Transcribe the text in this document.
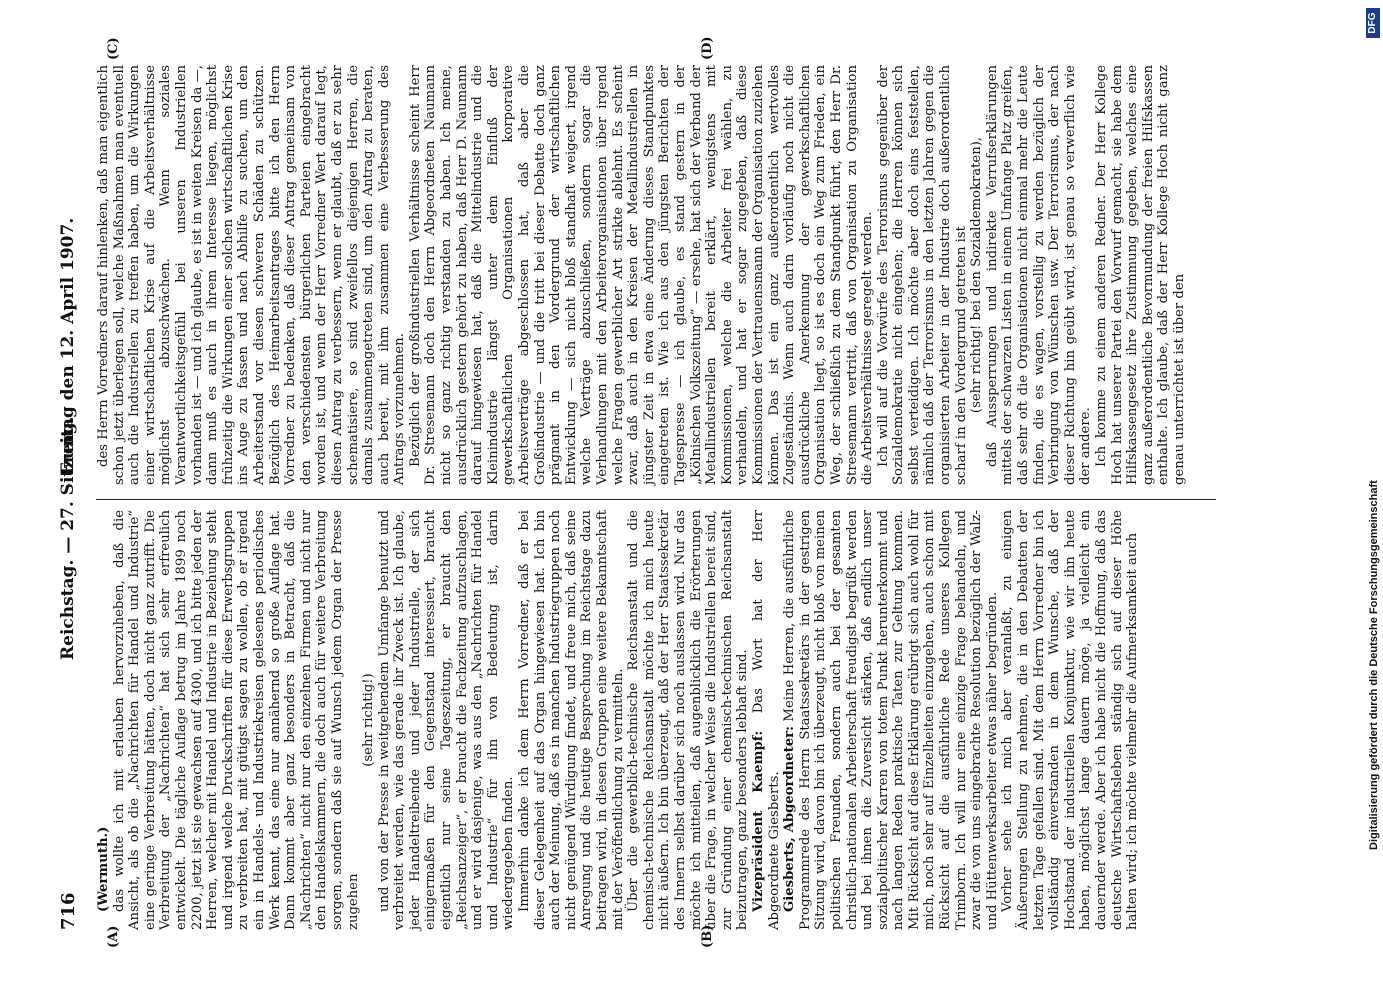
716
Reichstag. — 27. Sitzung.
Freitag den 12. April 1907.
(A)	(B)
(C)	(D)

(Wermuth.) das wollte ich mit erlauben hervorzuheben, daß die Ansicht, als ob die „Nachrichten für Handel und Industrie“ eine geringe Verbreitung hätten, doch nicht ganz zutrifft. Die Verbreitung der „Nachrichten“ hat sich sehr erfreulich entwickelt. Die tägliche Auflage betrug im Jahre 1899 noch 2200, jetzt ist sie gewachsen auf 4300, und ich bitte jeden der Herren, welcher mit Handel und Industrie in Beziehung steht und irgend welche Druckschriften für diese Erwerbsgruppen zu verbreiten hat, mit gütigst sagen zu wollen, ob er irgend ein in Handels- und Industriekreisen gelesenes periodisches Werk kennt, das eine nur annähernd so große Auflage hat. Dann kommt aber ganz besonders in Betracht, daß die „Nachrichten“ nicht nur den einzelnen Firmen und nicht nur den Handelskammern, die doch auch für weitere Verbreitung sorgen, sondern daß sie auf Wunsch jedem Organ der Presse zugehen

(sehr richtig!) und von der Presse in weitgehendem Umfange benutzt und verbreitet werden, wie das gerade ihr Zweck ist. Ich glaube, jeder Handeltreibende und jeder Industrielle, der sich einigermaßen für den Gegenstand interessiert, braucht eigentlich nur seine Tageszeitung, er braucht den „Reichsanzeiger“, er braucht die Fachzeitung aufzuschlagen, und er wird dasjenige, was aus den „Nachrichten für Handel und Industrie“ für ihn von Bedeutung ist, darin wiedergegeben finden. Immerhin danke ich dem Herrn Vorredner, daß er bei dieser Gelegenheit auf das Organ hingewiesen hat. Ich bin auch der Meinung, daß es in manchen Industriegruppen noch nicht genügend Würdigung findet, und freue mich, daß seine Anregung und die heutige Besprechung im Reichstage dazu beitragen wird, in diesen Gruppen eine weitere Bekanntschaft mit der Veröffentlichung zu vermitteln. Über die gewerblich-technische Reichsanstalt und die chemisch-technische Reichsanstalt möchte ich mich heute nicht äußern. Ich bin überzeugt, daß der Herr Staatssekretär des Innern selbst darüber sich noch auslassen wird. Nur das möchte ich mitteilen, daß augenblicklich die Erörterungen über die Frage, in welcher Weise die Industriellen bereit sind, zur Gründung einer chemisch-technischen Reichsanstalt beizutragen, ganz besonders lebhaft sind. Vizepräsident Kaempf: Das Wort hat der Herr Abgeordnete Giesberts. Giesberts, Abgeordneter: Meine Herren, die ausführliche Programmrede des Herrn Staatssekretärs in der gestrigen Sitzung wird, davon bin ich überzeugt, nicht bloß von meinen politischen Freunden, sondern auch bei der gesamten christlich-nationalen Arbeiterschaft freudigst begrüßt werden und bei ihnen die Zuversicht stärken, daß endlich unser sozialpolitischer Karren von totem Punkt herunterkommt und nach langen Reden praktische Taten zur Geltung kommen. Mit Rücksicht auf diese Erklärung erübrigt sich auch wohl für mich, noch sehr auf Einzelheiten einzugehen, auch schon mit Rücksicht auf die ausführliche Rede unseres Kollegen Trimborn. Ich will nur eine einzige Frage behandeln, und zwar die von uns eingebrachte Resolution bezüglich der Walz- und Hüttenwerksarbeiter etwas näher begründen. Vorher sehe ich mich aber veranlaßt, zu einigen Äußerungen Stellung zu nehmen, die in den Debatten der letzten Tage gefallen sind. Mit dem Herrn Vorredner bin ich vollständig einverstanden in dem Wunsche, daß der Hochstand der industriellen Konjunktur, wie wir ihn heute haben, möglichst lange dauern möge, ja vielleicht ein dauernder werde. Aber ich habe nicht die Hoffnung, daß das deutsche Wirtschaftsleben ständig sich auf dieser Höhe halten wird; ich möchte vielmehr die Aufmerksamkeit auch

des Herrn Vorredners darauf hinlenken, daß man eigentlich schon jetzt überlegen soll, welche Maßnahmen man eventuell auch die Industriellen zu treffen haben, um die Wirkungen einer wirtschaftlichen Krise auf die Arbeitsverhältnisse möglichst abzuschwächen. Wenn soziales Verantwortlichkeitsgefühl bei unseren Industriellen vorhanden ist — und ich glaube, es ist in weiten Kreisen da —, dann muß es auch in ihrem Interesse liegen, möglichst frühzeitig die Wirkungen einer solchen wirtschaftlichen Krise ins Auge zu fassen und nach Abhilfe zu suchen, um den Arbeiterstand vor diesen schweren Schäden zu schützen. Bezüglich des Heimarbeitsantrages bitte ich den Herrn Vorredner zu bedenken, daß dieser Antrag gemeinsam von den verschiedensten bürgerlichen Parteien eingebracht worden ist, und wenn der Herr Vorredner Wert darauf legt, diesen Antrag zu verbessern, wenn er glaubt, daß er zu sehr schematisiere, so sind zweifellos diejenigen Herren, die damals zusammengetreten sind, um den Antrag zu beraten, auch bereit, mit ihm zusammen eine Verbesserung des Antrags vorzunehmen. Bezüglich der großindustriellen Verhältnisse scheint Herr Dr. Stresemann doch den Herrn Abgeordneten Naumann nicht so ganz richtig verstanden zu haben. Ich meine, ausdrücklich gestern gehört zu haben, daß Herr D. Naumann darauf hingewiesen hat, daß die Mittelindustrie und die Kleinindustrie längst unter dem Einfluß der gewerkschaftlichen Organisationen korporative Arbeitsverträge abgeschlossen hat, daß aber die Großindustrie — und die tritt bei dieser Debatte doch ganz prägnant in den Vordergrund der wirtschaftlichen Entwicklung — sich nicht bloß standhaft weigert, irgend welche Verträge abzuschließen, sondern sogar die Verhandlungen mit den Arbeiterorganisationen über irgend welche Fragen gewerblicher Art strikte ablehnt. Es scheint zwar, daß auch in den Kreisen der Metallindustriellen in jüngster Zeit in etwa eine Änderung dieses Standpunktes eingetreten ist. Wie ich aus den jüngsten Berichten der Tagespresse — ich glaube, es stand gestern in der „Kölnischen Volkszeitung“ — ersehe, hat sich der Verband der Metallindustriellen bereit erklärt, wenigstens mit Kommissionen, welche die Arbeiter frei wählen, zu verhandeln, und hat er sogar zugegeben, daß diese Kommissionen der Vertrauensmann der Organisation zuziehen können. Das ist ein ganz außerordentlich wertvolles Zugeständnis. Wenn auch darin vorläufig noch nicht die ausdrückliche Anerkennung der gewerkschaftlichen Organisation liegt, so ist es doch ein Weg zum Frieden, ein Weg, der schließlich zu dem Standpunkt führt, den Herr Dr. Stresemann vertritt, daß von Organisation zu Organisation die Arbeitsverhältnisse geregelt werden. Ich will auf die Vorwürfe des Terrorismus gegenüber der Sozialdemokratie nicht eingehen; die Herren können sich selbst verteidigen. Ich möchte aber doch eins feststellen, nämlich daß der Terrorismus in den letzten Jahren gegen die organisierten Arbeiter in der Industrie doch außerordentlich scharf in den Vordergrund getreten ist (sehr richtig! bei den Sozialdemokraten), daß Aussperrungen und indirekte Verrufserklärungen mittels der schwarzen Listen in einem Umfange Platz greifen, daß sehr oft die Organisationen nicht einmal mehr die Leute finden, die es wagen, vorstellig zu werden bezüglich der Verbringung von Wünschen usw. Der Terrorismus, der nach dieser Richtung hin geübt wird, ist genau so verwerflich wie der andere. Ich komme zu einem anderen Redner. Der Herr Kollege Hoch hat unserer Partei den Vorwurf gemacht, sie habe dem Hilfskassengesetz ihre Zustimmung gegeben, welches eine ganz außerordentliche Bevormundung der freien Hilfskassen enthalte. Ich glaube, daß der Herr Kollege Hoch nicht ganz genau unterrichtet ist über den

Digitalisierung gefördert durch die Deutsche Forschungsgemeinschaft
DFG
